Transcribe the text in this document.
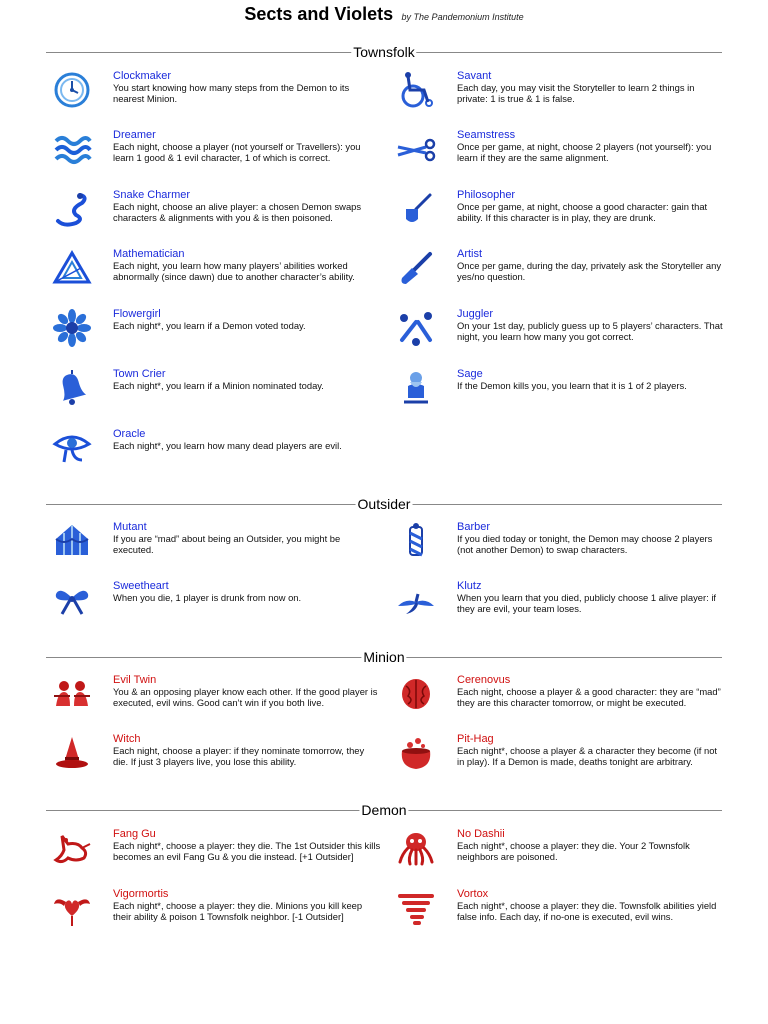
Sects and Violets by The Pandemonium Institute
Townsfolk
Clockmaker
You start knowing how many steps from the Demon to its nearest Minion.
Savant
Each day, you may visit the Storyteller to learn 2 things in private: 1 is true & 1 is false.
Dreamer
Each night, choose a player (not yourself or Travellers): you learn 1 good & 1 evil character, 1 of which is correct.
Seamstress
Once per game, at night, choose 2 players (not yourself): you learn if they are the same alignment.
Snake Charmer
Each night, choose an alive player: a chosen Demon swaps characters & alignments with you & is then poisoned.
Philosopher
Once per game, at night, choose a good character: gain that ability. If this character is in play, they are drunk.
Mathematician
Each night, you learn how many players’ abilities worked abnormally (since dawn) due to another character’s ability.
Artist
Once per game, during the day, privately ask the Storyteller any yes/no question.
Flowergirl
Each night*, you learn if a Demon voted today.
Juggler
On your 1st day, publicly guess up to 5 players’ characters. That night, you learn how many you got correct.
Town Crier
Each night*, you learn if a Minion nominated today.
Sage
If the Demon kills you, you learn that it is 1 of 2 players.
Oracle
Each night*, you learn how many dead players are evil.
Outsider
Mutant
If you are “mad” about being an Outsider, you might be executed.
Barber
If you died today or tonight, the Demon may choose 2 players (not another Demon) to swap characters.
Sweetheart
When you die, 1 player is drunk from now on.
Klutz
When you learn that you died, publicly choose 1 alive player: if they are evil, your team loses.
Minion
Evil Twin
You & an opposing player know each other. If the good player is executed, evil wins. Good can’t win if you both live.
Cerenovus
Each night, choose a player & a good character: they are “mad” they are this character tomorrow, or might be executed.
Witch
Each night, choose a player: if they nominate tomorrow, they die. If just 3 players live, you lose this ability.
Pit-Hag
Each night*, choose a player & a character they become (if not in play). If a Demon is made, deaths tonight are arbitrary.
Demon
Fang Gu
Each night*, choose a player: they die. The 1st Outsider this kills becomes an evil Fang Gu & you die instead. [+1 Outsider]
No Dashii
Each night*, choose a player: they die. Your 2 Townsfolk neighbors are poisoned.
Vigormortis
Each night*, choose a player: they die. Minions you kill keep their ability & poison 1 Townsfolk neighbor. [-1 Outsider]
Vortox
Each night*, choose a player: they die. Townsfolk abilities yield false info. Each day, if no-one is executed, evil wins.
